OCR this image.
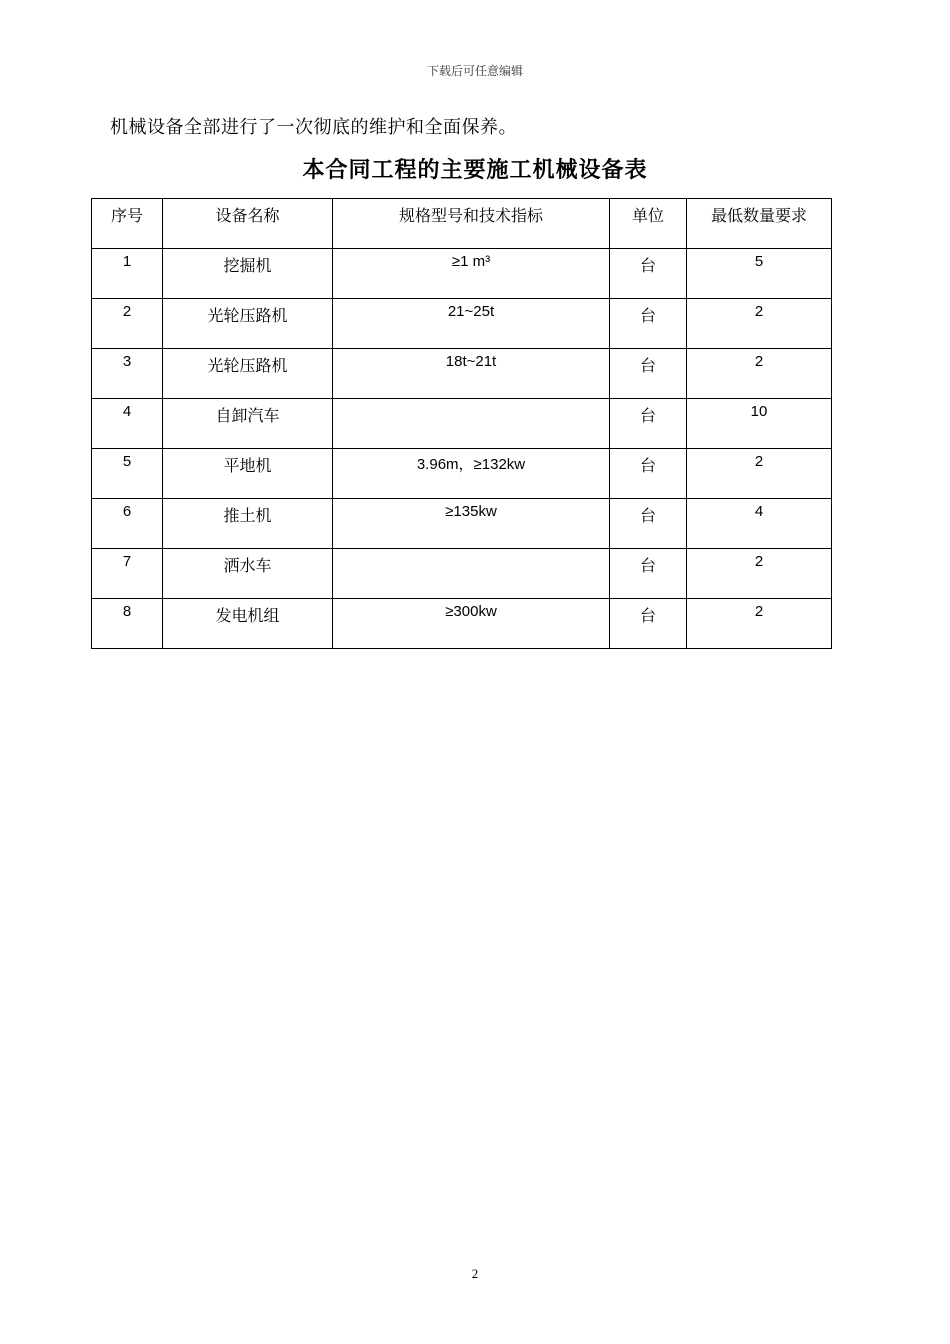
下载后可任意编辑
机械设备全部进行了一次彻底的维护和全面保养。
本合同工程的主要施工机械设备表
序号	设备名称	规格型号和技术指标	单位	最低数量要求
1	挖掘机	≥1 m³	台	5
2	光轮压路机	21~25t	台	2
3	光轮压路机	18t~21t	台	2
4	自卸汽车		台	10
5	平地机	3.96m，≥132kw	台	2
6	推土机	≥135kw	台	4
7	洒水车		台	2
8	发电机组	≥300kw	台	2
2
